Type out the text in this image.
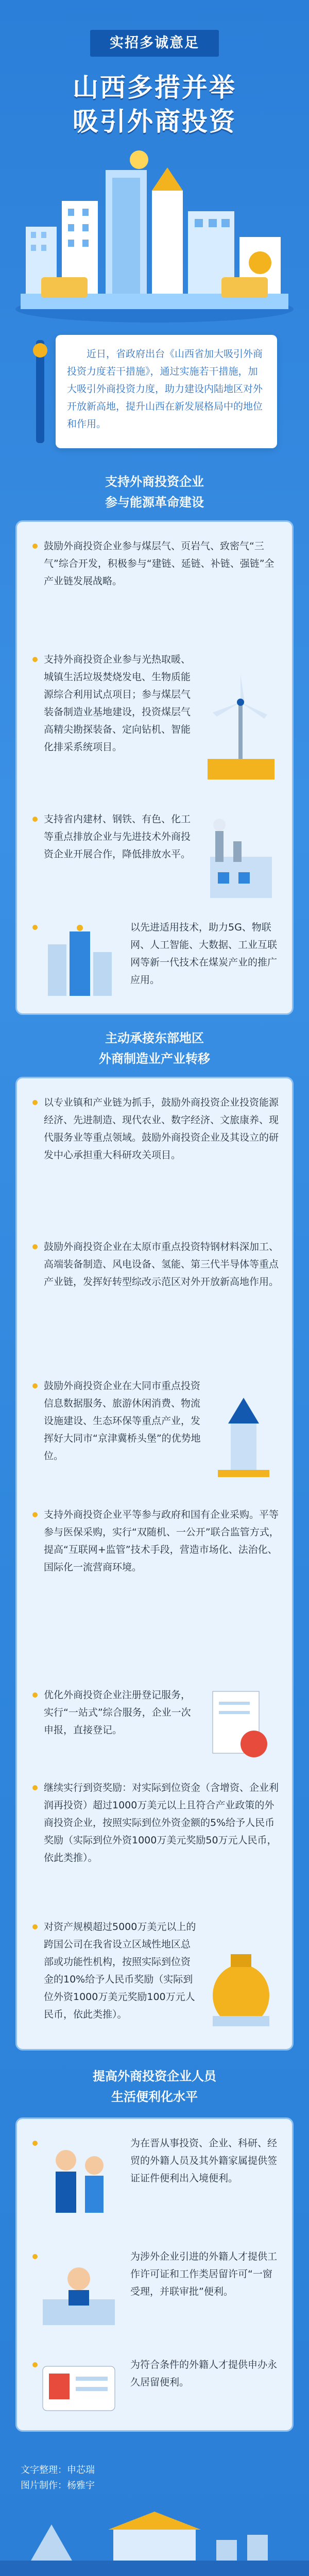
实招多诚意足
山西多措并举
吸引外商投资

近日，省政府出台《山西省加大吸引外商投资力度若干措施》，通过实施若干措施，加大吸引外商投资力度，助力建设内陆地区对外开放新高地，提升山西在新发展格局中的地位和作用。

支持外商投资企业
参与能源革命建设
鼓励外商投资企业参与煤层气、页岩气、致密气“三气”综合开发，积极参与“建链、延链、补链、强链”全产业链发展战略。
支持外商投资企业参与光热取暖、城镇生活垃圾焚烧发电、生物质能源综合利用试点项目；参与煤层气装备制造业基地建设，投资煤层气高精尖勘探装备、定向钻机、智能化排采系统项目。
支持省内建材、钢铁、有色、化工等重点排放企业与先进技术外商投资企业开展合作，降低排放水平。
以先进适用技术，助力5G、物联网、人工智能、大数据、工业互联网等新一代技术在煤炭产业的推广应用。
主动承接东部地区
外商制造业产业转移
以专业镇和产业链为抓手，鼓励外商投资企业投资能源经济、先进制造、现代农业、数字经济、文旅康养、现代服务业等重点领域。鼓励外商投资企业及其设立的研发中心承担重大科研攻关项目。
鼓励外商投资企业在太原市重点投资特钢材料深加工、高端装备制造、风电设备、氢能、第三代半导体等重点产业链，发挥好转型综改示范区对外开放新高地作用。
鼓励外商投资企业在大同市重点投资信息数据服务、旅游休闲消费、物流设施建设、生态环保等重点产业，发挥好大同市“京津冀桥头堡”的优势地位。
支持外商投资企业平等参与政府和国有企业采购。平等参与医保采购，实行“双随机、一公开”联合监管方式，提高“互联网+监管”技术手段，营造市场化、法治化、国际化一流营商环境。
优化外商投资企业注册登记服务，实行“一站式”综合服务，企业一次申报，直接登记。
继续实行到资奖励：对实际到位资金（含增资、企业利润再投资）超过1000万美元以上且符合产业政策的外商投资企业，按照实际到位外资金额的5%给予人民币奖励（实际到位外资1000万美元奖励50万元人民币，依此类推）。
对资产规模超过5000万美元以上的跨国公司在我省设立区域性地区总部或功能性机构，按照实际到位资金的10%给予人民币奖励（实际到位外资1000万美元奖励100万元人民币，依此类推）。
提高外商投资企业人员
生活便利化水平
为在晋从事投资、企业、科研、经贸的外籍人员及其外籍家属提供签证证件便利出入境便利。
为涉外企业引进的外籍人才提供工作许可证和工作类居留许可“一窗受理，并联审批”便利。
为符合条件的外籍人才提供申办永久居留便利。
文字整理：申芯瑞
图片制作：杨雅宇
